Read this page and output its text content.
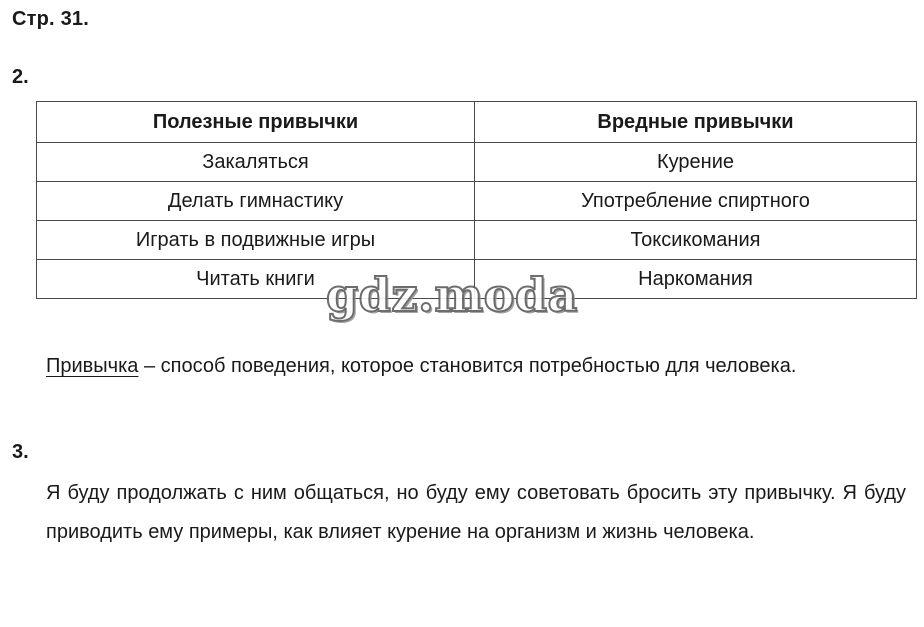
Стр. 31.
2.
Полезные привычки	Вредные привычки
Закаляться	Курение
Делать гимнастику	Употребление спиртного
Играть в подвижные игры	Токсикомания
Читать книги	Наркомания
gdz.moda
Привычка – способ поведения, которое становится потребностью для человека.
3.
Я буду продолжать с ним общаться, но буду ему советовать бросить эту привычку. Я буду приводить ему примеры, как влияет курение на организм и жизнь человека.
